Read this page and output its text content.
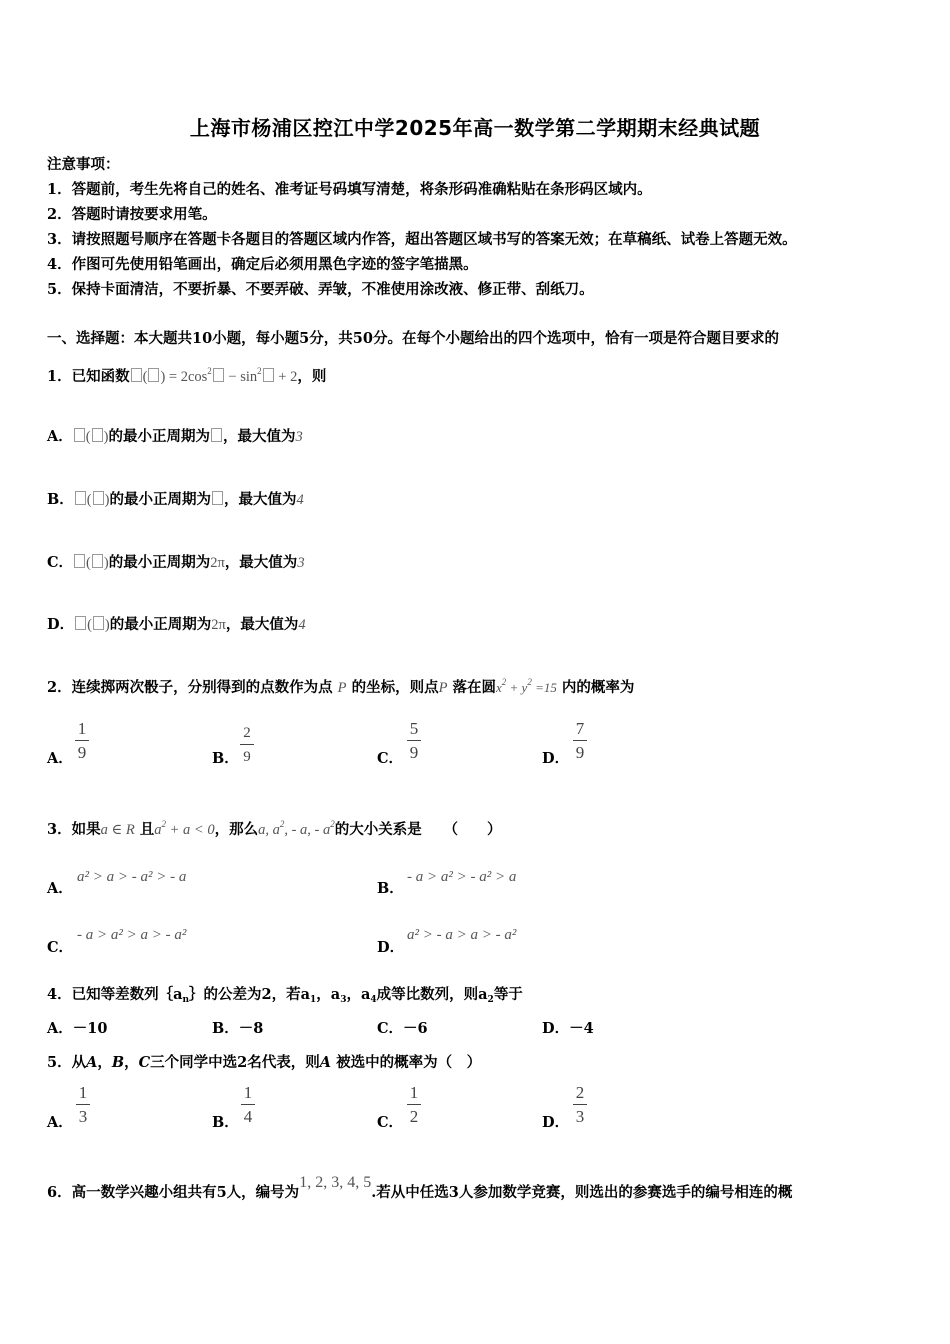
上海市杨浦区控江中学2025年高一数学第二学期期末经典试题
注意事项：
1．答题前，考生先将自己的姓名、准考证号码填写清楚，将条形码准确粘贴在条形码区域内。
2．答题时请按要求用笔。
3．请按照题号顺序在答题卡各题目的答题区域内作答，超出答题区域书写的答案无效；在草稿纸、试卷上答题无效。
4．作图可先使用铅笔画出，确定后必须用黑色字迹的签字笔描黑。
5．保持卡面清洁，不要折暴、不要弄破、弄皱，不准使用涂改液、修正带、刮纸刀。
一、选择题：本大题共10小题，每小题5分，共50分。在每个小题给出的四个选项中，恰有一项是符合题目要求的
1．已知函数 ( ) = $2\cos^2 - \sin^2 + 2$，则
A． ( )的最小正周期为 ，最大值为3
B． ( )的最小正周期为 ，最大值为4
C． ( )的最小正周期为2π，最大值为3
D． ( )的最小正周期为2π，最大值为4
2．连续掷两次骰子，分别得到的点数作为点 P 的坐标，则点P 落在圆$x^2 + y^2 =15$ 内的概率为
A．
1
9	B．
2
9	C．
5
9	D．
7
9
3．如果a ∈ R 且$a^2 + a < 0$，那么a, $a^2$, - a, - $a^2$的大小关系是　　 （　　）
A．
a² > a > - a² > - a
B．
- a > a² > - a² > a
C．
- a > a² > a > - a²
D．
a² > - a > a > - a²
4．已知等差数列$\{a_n\}$的公差为2，若$a_1$，$a_3$，$a_4$成等比数列，则$a_2$等于
A．－10	B．－8	C．－6	D．－4
5．从A，B，C三个同学中选2名代表，则A 被选中的概率为（　）
A．
1
3	B．
1
4	C．
1
2	D．
2
3
6．高一数学兴趣小组共有5人，编号为1, 2, 3, 4, 5.若从中任选3人参加数学竞赛，则选出的参赛选手的编号相连的概
